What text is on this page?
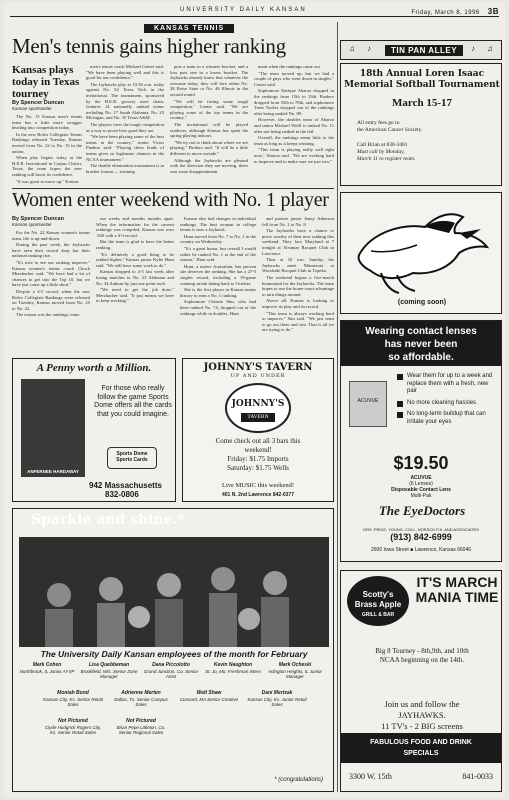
UNIVERSITY DAILY KANSAN	Friday, March 8, 1996 3B
KANSAS TENNIS
Men's tennis gains higher ranking
Kansas plays today in Texas tourney
By Spencer Duncan
Kansan sportswriter

The No. 15 Kansas men's tennis team has a little more swagger heading into competition today.

In the new Rolex Collegiate Tennis Rankings released Tuesday, Kansas moved from No. 22 to No. 15 in the nation.

When play begins today at the H.E.B. Invitational in Corpus Christi, Texas, the team hopes the new ranking will boost its confidence.

"It was great to move up," Kansas

men's tennis coach Michael Center said. "We have been playing well and this is good for our confidence."

The Jayhawks play at 10:30 a.m. today against No. 54 Texas Tech in the invitational. The tournament, sponsored by the H.E.B. grocery store chain, features 14 nationally ranked teams including No. 17 South Alabama, No. 25 Michigan, and No. 35 Texas A&M.

The players view the tough competition as a way to prove how good they are.

"We have been playing some of the best teams in the country," senior Victor Pindero said. "Playing these kinds of teams gives us legitimate chances in the NCAA tournament."

The double elimination tournament is in bracket format — winning

puts a team in a winners bracket, and a loss puts one in a losers bracket. The Jayhawks already know that whatever the outcome today, they will face either No. 28 Boise State or No. 46 Illinois in the second round.

"We will be facing some tough competition," Center said. "We are playing some of the top teams in the country."

The invitational will be played outdoors, although Kansas has spent the spring playing indoors.

"We try not to think about where we are playing," Pindero said. "It will be a little different to move outside."

Although the Jayhawks are pleased with the direction they are moving, there was some disappointment

ment when the rankings came out.

"The team moved up, but we had a couple of guys who went down in singles," Center said.

Sophomore Enrique Abaroa dropped in the rankings from 15th to 19th. Pindero dropped from 35th to 78th, and sophomore Trent Tucker dropped out of the rankings after being ranked No. 89.

However, the doubles team of Abaroa and senior Michael Wolff is ranked No. 11 after not being ranked in the fall.

Overall, the rankings mean little to the team as long as it keeps winning.

"This team is playing really well right now," Abaroa said. "We are working hard to improve and to make sure we just win."

Women enter weekend with No. 1 player
By Spencer Duncan
Kansan sportswriter

For the No. 22 Kansas women's tennis team, life is up-and-down.

During the past week, the Jayhawks have seen their record drop but their national ranking rise.

"It's nice to see our ranking improve," Kansas women's tennis coach Chuck Merzbacher said. "We have had a lot of chances to get into the Top 10, but we have just come up a little short."

Despite a 4-5 record, when the new Rolex Collegiate Rankings were released on Tuesday, Kansas moved from No. 25 to No. 22.

The reason was the rankings come

out weeks and months months apart. When the information for the current rankings was compiled, Kansas was over .500 with a 4-3 record.

But the team is glad to have the better ranking.

"It's definitely a good thing to be ranked higher," Kansas junior Kylie Hunt said. "We still have some work to do."

Kansas dropped to 4-5 last week after losing matches to No. 23 Alabama and No. 34 Auburn by just one point each.

"We need to get the job done," Merzbacher said. "It just means we have to keep working."

Kansas also had changes in individual rankings. The best woman in college tennis is now a Jayhawk.

Hunt moved from No. 7 to No. 1 in the country on Wednesday.

"It's a great honor, but overall I would rather be ranked No. 1 at the end of the season," Hunt said.

Hunt, a native Australian, has proven she deserves the ranking. She has a 27-5 singles record, including a 19-game winning streak dating back to October.

She is the first player in Kansas tennis history to earn a No. 1 ranking.

Sophomore Christie Sim, who had been ranked No. 74, dropped out of the rankings while in doubles, Hunt

and partner junior Jenny Atkerson fell from No. 2 to No. 8.

The Jayhawks have a chance to prove worthy of their new ranking this weekend. They face Maryland at 7 tonight at Alvamar Racquet Club in Lawrence.

Then at 10 a.m. Sunday, the Jayhawks meet Minnesota at Woodside Racquet Club in Topeka.

The weekend begins a five-match homestand for the Jayhawks. The team hopes to use the home-court advantage to turn things around.

Above all, Kansas is looking to improve its play and its record.

"This team is always working hard to improve," Sim said. "We just want to go out there and win. That is all we are trying to do."

♫ ♪	TIN PAN ALLEY	♪ ♫
18th Annual Loren Isaac
Memorial Softball Tournament
March 15-17
All entry fees go to
the American Cancer Society.
Call Brian at 838-3481
Must call by Monday,
March 11 to register team.
(coming soon)
Wearing contact lenses
has never been
so affordable.
ACUVUE
Wear them for up to a week and replace them with a fresh, new pair
No more cleaning hassles
No long-term buildup that can irritate your eyes
$19.50
ACUVUE
(6 Lenses)
Disposable Contact Lens
Multi-Pak
The EyeDoctors
DRS. PRICE, YOUNG, COLL, NORSCH P.A. AND ASSOCIATES
(913) 842-6999
2600 Iowa Street ■ Lawrence, Kansas 66046
Scotty's
Brass Apple
GRILL & BAR
IT'S MARCH MANIA TIME
Big 8 Tourney - 8th,9th, and 10th
NCAA beginning on the 14th.
Join us and follow the
JAYHAWKS.
11 TV's - 2 BIG screens
FABULOUS FOOD AND DRINK
SPECIALS
3300 W. 15th	841-0033
A Penny worth a Million.
ANFERNEE HARDAWAY
For those who really follow the game Sports Dome offers all the cards that you could imagine.
Sports Dome
Sports Cards
942 Massachusetts
832-0806
JOHNNY'S TAVERN
UP AND UNDER
JOHNNY'S
TAVERN
Come check out all 3 bars this
weekend!
Friday: $1.75 Imports
Saturday: $1.75 Wells
Live MUSIC this weekend!
401 N. 2nd Lawrence 842-0377
Sparkle and shine.*
The University Daily Kansan employees of the month for February
Mark Cohen
Northbrook, IL Junior AYVP
Lisa Quebbeman
Brookfield, Wis. Senior Zone Manager
Dana Piccolotto
Grand Junction, Co. Senior Artist
Kevin Naughton
St. Jo, Mo. Freshman Intern
Mark Ocheski
Arlington Heights, IL Junior Manager
Moniah Bond
Kansas City, Ks. Senior Retail Sales
Adrienne Merten
Dallas, Tx. Senior Campus Sales
Walt Shaw
Concord, MA Senior Creative
Dani Mertzak
Kansas City, Ks. Junior Retail Sales
Not Pictured
Clyde Hudgrick Rogers City, Ks. Senior Retail Sales
Not Pictured
Brian Pepe Littleton, Co. Senior Regional Sales
* (congratulations)
